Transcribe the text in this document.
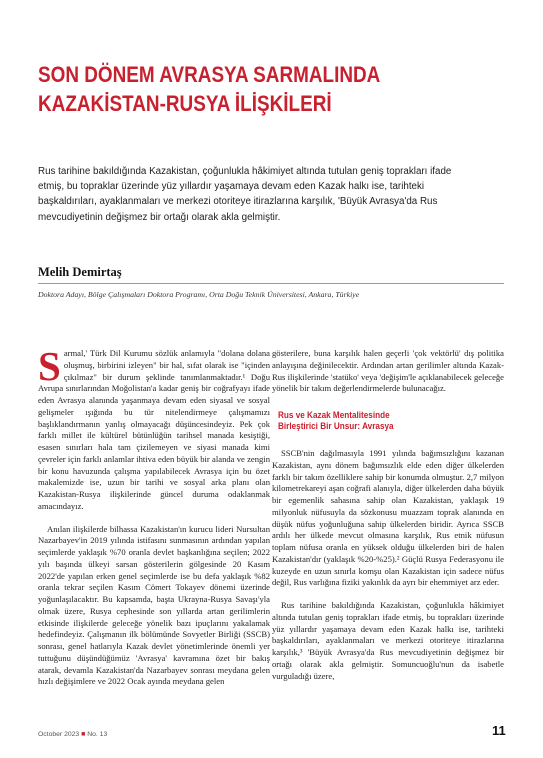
SON DÖNEM AVRASYA SARMALINDA
KAZAKİSTAN-RUSYA İLİŞKİLERİ
Rus tarihine bakıldığında Kazakistan, çoğunlukla hâkimiyet altında tutulan geniş toprakları ifade etmiş, bu topraklar üzerinde yüz yıllardır yaşamaya devam eden Kazak halkı ise, tarihteki başkaldırıları, ayaklanmaları ve merkezi otoriteye itirazlarına karşılık, 'Büyük Avrasya'da Rus mevcudiyetinin değişmez bir ortağı olarak akla gelmiştir.
Melih Demirtaş
Doktora Adayı, Bölge Çalışmaları Doktora Programı, Orta Doğu Teknik Üniversitesi, Ankara, Türkiye

Sarmal,' Türk Dil Kurumu sözlük anlamıyla "dolana dolana oluşmuş, birbirini izleyen" bir hal, sıfat olarak ise "içinden çıkılmaz" bir durum şeklinde tanımlanmaktadır.¹ Doğu Avrupa sınırlarından Moğolistan'a kadar geniş bir coğrafyayı ifade eden Avrasya alanında yaşanmaya devam eden siyasal ve sosyal gelişmeler ışığında bu tür nitelendirmeye çalışmamızı başlıklandırmanın yanlış olmayacağı düşüncesindeyiz. Pek çok farklı millet ile kültürel bütünlüğün tarihsel manada kesiştiği, esasen sınırları hala tam çizilemeyen ve siyasi manada kimi çevreler için farklı anlamlar ihtiva eden büyük bir alanda ve zengin bir konu havuzunda çalışma yapılabilecek Avrasya için bu özet makalemizde ise, uzun bir tarihi ve sosyal arka planı olan Kazakistan-Rusya ilişkilerinde güncel duruma odaklanmak amacındayız.

Anılan ilişkilerde bilhassa Kazakistan'ın kurucu lideri Nursultan Nazarbayev'in 2019 yılında istifasını sunmasının ardından yapılan seçimlerde yaklaşık %70 oranla devlet başkanlığına seçilen; 2022 yılı başında ülkeyi sarsan gösterilerin gölgesinde 20 Kasım 2022'de yapılan erken genel seçimlerde ise bu defa yaklaşık %82 oranla tekrar seçilen Kasım Cömert Tokayev dönemi üzerinde yoğunlaşılacaktır. Bu kapsamda, başta Ukrayna-Rusya Savaşı'yla olmak üzere, Rusya cephesinde son yıllarda artan gerilimlerin etkisinde ilişkilerde geleceğe yönelik bazı ipuçlarını yakalamak hedefindeyiz. Çalışmanın ilk bölümünde Sovyetler Birliği (SSCB) sonrası, genel hatlarıyla Kazak devlet yönetimlerinde önemli yer tuttuğunu düşündüğümüz 'Avrasya' kavramına özet bir bakış atarak, devamla Kazakistan'da Nazarbayev sonrası meydana gelen hızlı değişimlere ve 2022 Ocak ayında meydana gelen

gösterilere, buna karşılık halen geçerli 'çok vektörlü' dış politika anlayışına değinilecektir. Ardından artan gerilimler altında Kazak-Rus ilişkilerinde 'statüko' veya 'değişim'le açıklanabilecek geleceğe yönelik bir takım değerlendirmelerde bulunacağız.

Rus ve Kazak Mentalitesinde
Birleştirici Bir Unsur: Avrasya

SSCB'nin dağılmasıyla 1991 yılında bağımsızlığını kazanan Kazakistan, aynı dönem bağımsızlık elde eden diğer ülkelerden farklı bir takım özelliklere sahip bir konumda olmuştur. 2,7 milyon kilometrekareyi aşan coğrafi alanıyla, diğer ülkelerden daha büyük bir egemenlik sahasına sahip olan Kazakistan, yaklaşık 19 milyonluk nüfusuyla da sözkonusu muazzam toprak alanında en düşük nüfus yoğunluğuna sahip ülkelerden biridir. Ayrıca SSCB ardılı her ülkede mevcut olmasına karşılık, Rus etnik nüfusun toplam nüfusa oranla en yüksek olduğu ülkelerden biri de halen Kazakistan'dır (yaklaşık %20-%25).² Güçlü Rusya Federasyonu ile kuzeyde en uzun sınırla komşu olan Kazakistan için sadece nüfus değil, Rus varlığına fiziki yakınlık da ayrı bir ehemmiyet arz eder.

Rus tarihine bakıldığında Kazakistan, çoğunlukla hâkimiyet altında tutulan geniş toprakları ifade etmiş, bu toprakları üzerinde yüz yıllardır yaşamaya devam eden Kazak halkı ise, tarihteki başkaldırıları, ayaklanmaları ve merkezi otoriteye itirazlarına karşılık,³ 'Büyük Avrasya'da Rus mevcudiyetinin değişmez bir ortağı olarak akla gelmiştir. Somuncuoğlu'nun da isabetle vurguladığı üzere,

October 2023 ■ No. 13	11
